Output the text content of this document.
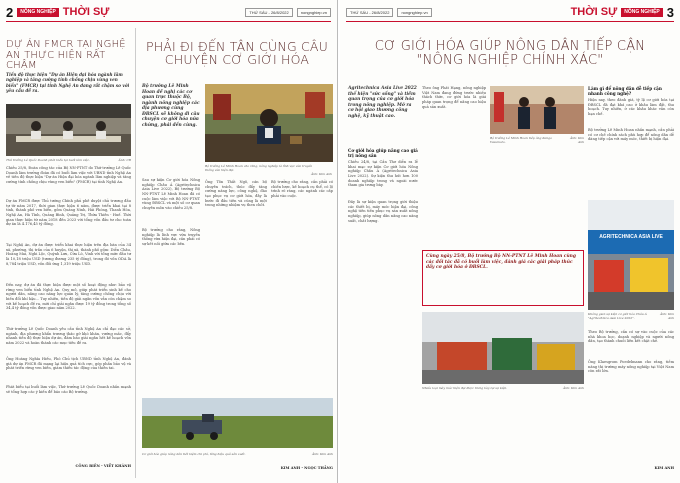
2	NÔNG NGHIỆP THỜI SỰ	THỨ SÁU - 26/8/2022	nongnghiep.vn
DỰ ÁN FMCR TẠI NGHỆ AN THỰC HIỆN RẤT CHẬM
Tiến độ thực hiện "Dự án Hiện đại hóa ngành lâm nghiệp và tăng cường tính chống chịu vùng ven biển" (FMCR) tại tỉnh Nghệ An đang rất chậm so với yêu cầu đề ra.
Thứ trưởng Lê Quốc Doanh phát biểu tại buổi làm việc.	Ảnh: CB
Chiều 25/8, Đoàn công tác của Bộ NN-PTNT do Thứ trưởng Lê Quốc Doanh làm trưởng đoàn đã có buổi làm việc với UBND tỉnh Nghệ An về tiến độ thực hiện "Dự án Hiện đại hóa ngành lâm nghiệp và tăng cường tính chống chịu vùng ven biển" (FMCR) tại tỉnh Nghệ An.
Dự án FMCR được Thủ tướng Chính phủ phê duyệt chủ trương đầu tư từ năm 2017, thời gian thực hiện 6 năm, được triển khai tại 8 tỉnh, thành phố ven biển, gồm Quảng Ninh, Hải Phòng, Thanh Hóa, Nghệ An, Hà Tĩnh, Quảng Bình, Quảng Trị, Thừa Thiên - Huế. Thời gian thực hiện từ năm 2018 đến 2023 với tổng vốn đầu tư cho toàn dự án là 4.176,45 tỷ đồng.
Tại Nghệ An, dự án được triển khai thực hiện trên địa bàn của 34 xã, phường, thị trấn của 6 huyện, thị xã, thành phố gồm: Diễn Châu, Hoàng Mai, Nghi Lộc, Quỳnh Lưu, Cửa Lò, Vinh với tổng mức đầu tư là 10,18 triệu USD (tương đương 235 tỷ đồng), trong đó vốn ODA là 8,784 triệu USD, vốn đối ứng 1,319 triệu USD.
Đến nay, dự án đã thực hiện được một số hoạt động như: bảo vệ rừng ven biển tỉnh Nghệ An. Quy mô, giúp phát triển sinh kế cho người dân, nâng cao năng lực quản lý, tăng cường chống chịu với biến đổi khí hậu... Tuy nhiên, tiến độ giải ngân vốn vẫn còn chậm so với kế hoạch đề ra, mới chỉ giải ngân được 19 tỷ đồng trong tổng số 34,4 tỷ đồng vốn được giao năm 2022.
Thứ trưởng Lê Quốc Doanh yêu cầu tỉnh Nghệ An chỉ đạo các sở, ngành, địa phương khẩn trương tháo gỡ khó khăn, vướng mắc, đẩy nhanh tiến độ thực hiện dự án, đảm bảo giải ngân hết kế hoạch vốn năm 2022 và hoàn thành các mục tiêu đề ra.
Ông Hoàng Nghĩa Hiếu, Phó Chủ tịch UBND tỉnh Nghệ An, đánh giá dự án FMCR đã mang lại hiệu quả tích cực, góp phần bảo vệ và phát triển rừng ven biển, giảm thiểu tác động của thiên tai.
Phát biểu tại buổi làm việc, Thứ trưởng Lê Quốc Doanh nhấn mạnh sẽ tổng hợp các ý kiến để báo cáo Bộ trưởng.
CÔNG BIÊN - VIẾT KHÁNH
PHẢI ĐI ĐẾN TẬN CÙNG CÂU CHUYỆN CƠ GIỚI HÓA
Bộ trưởng Lê Minh Hoan đề nghị các cơ quan trực thuộc Bộ, ngành nông nghiệp các địa phương cùng ĐBSCL sẽ không đi câu chuyện cơ giới hóa nửa chừng, phải đến cùng.
Bộ trưởng Lê Minh Hoan cho rằng, nông nghiệp là lĩnh vực vừa truyền thống vừa hiện đại.
Ảnh: Kim Anh
Sau sự kiện Cơ giới hóa Nông nghiệp Châu Á (Agritechnica Asia Live 2022), Bộ trưởng Bộ NN-PTNT Lê Minh Hoan đã có cuộc làm việc với Bộ NN-PTNT vùng ĐBSCL và một số cơ quan chuyên môn vào chiều 25/8.
Bộ trưởng cho rằng, Nông nghiệp là lĩnh vực vừa truyền thống vừa hiện đại, cần phải có sự kết nối giữa các bên.
Ông Tôn Thất Ngô, cán bộ chuyên trách, thúc đẩy tăng cường năng lực, công nghệ, đào tạo phục vụ cơ giới hóa, đây là bước đi đầu tiên và cũng là một trong những nhiệm vụ then chốt.
Bộ trưởng cho rằng, cần phải có chiến lược, kế hoạch cụ thể, có lộ trình rõ ràng, các ngành các cấp phải vào cuộc.
Cơ giới hóa giúp nông dân tiết kiệm chi phí, tăng hiệu quả sản xuất.	Ảnh: Kim Anh
KIM ANH - NGỌC THẮNG
THỨ SÁU - 26/8/2022	nongnghiep.vn	THỜI SỰ	NÔNG NGHIỆP 3
CƠ GIỚI HÓA GIÚP NÔNG DÂN TIẾP CẬN "NÔNG NGHIỆP CHÍNH XÁC"
Agritechnica Asia Live 2022 thể hiện "sức sống" và tiềm quan trọng của cơ giới hóa trong nông nghiệp. Mở ra cơ hội giao thương công nghệ, kỹ thuật cao.
Cơ giới hóa giúp nâng cao giá trị nông sản
Chiều 24/8, tại Cần Thơ diễn ra lễ khai mạc sự kiện Cơ giới hóa Nông nghiệp Châu Á (Agritechnica Asia Live 2022). Sự kiện thu hút hơn 100 doanh nghiệp trong và ngoài nước tham gia trưng bày.
Đây là sự kiện quan trọng giới thiệu các thiết bị, máy móc hiện đại, công nghệ tiên tiến phục vụ sản xuất nông nghiệp, giúp nông dân nâng cao năng suất, chất lượng.
Theo ông Phát Hạng, nông nghiệp Việt Nam đang đứng trước nhiều thách thức, cơ giới hóa là giải pháp quan trọng để nâng cao hiệu quả sản xuất.
Bộ trưởng Lê Minh Hoan tiếp ông Kengo Yasumoto.
Ảnh: Kim Anh
Làm gì để nông dân dễ tiếp cận nhanh công nghệ?
Hiện nay, theo đánh giá, tỷ lệ cơ giới hóa tại ĐBSCL đã đạt khá cao ở khâu làm đất, thu hoạch. Tuy nhiên, ở các khâu khác vẫn còn hạn chế.
Bộ trưởng Lê Minh Hoan nhấn mạnh, cần phải có cơ chế chính sách phù hợp để nông dân dễ dàng tiếp cận với máy móc, thiết bị hiện đại.
Cùng ngày 25/8, Bộ trưởng Bộ NN-PTNT Lê Minh Hoan cùng các đối tác đã có buổi làm việc, đánh giá các giải pháp thúc đẩy cơ giới hóa ở ĐBSCL.
Nhiều loại máy móc hiện đại được trưng bày tại sự kiện.	Ảnh: Kim Anh
AGRITECHNICA ASIA LIVE
Không gian sự kiện cơ giới hóa Châu Á "Agritechnica Asia Live 2022".
Ảnh: Kim Anh
Theo Bộ trưởng, cần có sự vào cuộc của các nhà khoa học, doanh nghiệp và người nông dân, tạo thành chuỗi liên kết chặt chẽ.
Ông Klaesgrom Poedelmann cho rằng, tiềm năng thị trường máy nông nghiệp tại Việt Nam còn rất lớn.
KIM ANH
